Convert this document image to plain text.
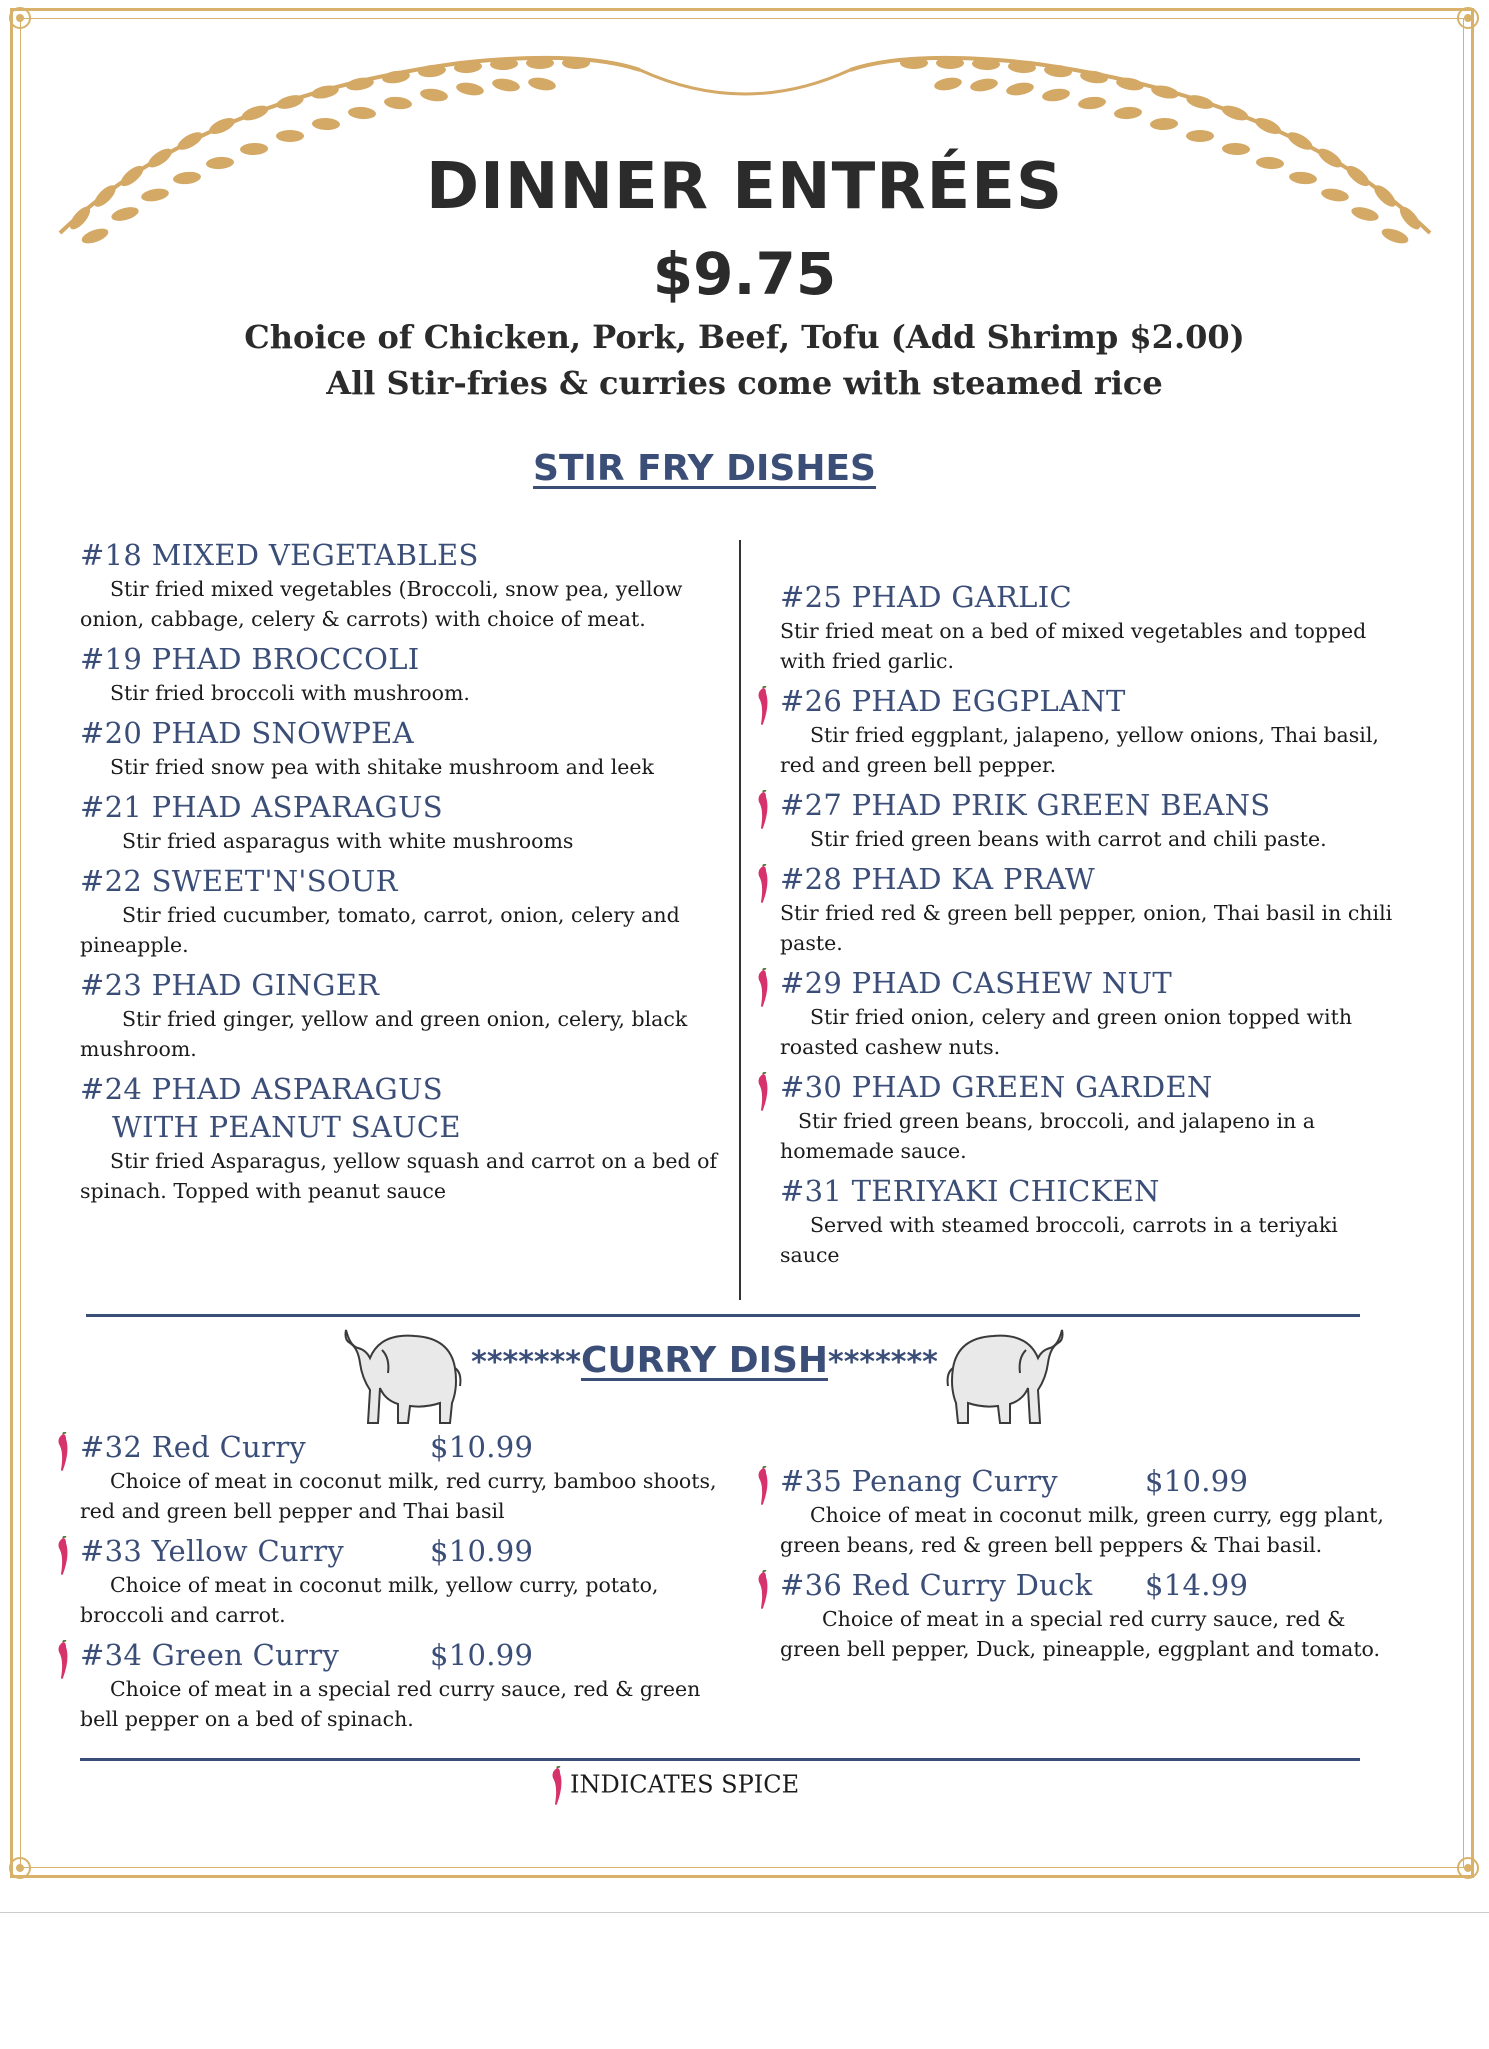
DINNER ENTRÉES
$9.75
Choice of Chicken, Pork, Beef, Tofu (Add Shrimp $2.00)
All Stir-fries & curries come with steamed rice
STIR FRY DISHES
#18 MIXED VEGETABLES
Stir fried mixed vegetables (Broccoli, snow pea, yellow onion, cabbage, celery & carrots) with choice of meat.
#19 PHAD BROCCOLI
Stir fried broccoli with mushroom.
#20 PHAD SNOWPEA
Stir fried snow pea with shitake mushroom and leek
#21 PHAD ASPARAGUS
Stir fried asparagus with white mushrooms
#22 SWEET'N'SOUR
Stir fried cucumber, tomato, carrot, onion, celery and pineapple.
#23 PHAD GINGER
Stir fried ginger, yellow and green onion, celery, black mushroom.
#24 PHAD ASPARAGUS
WITH PEANUT SAUCE
Stir fried Asparagus, yellow squash and carrot on a bed of spinach. Topped with peanut sauce
#25 PHAD GARLIC
Stir fried meat on a bed of mixed vegetables and topped with fried garlic.
#26 PHAD EGGPLANT
Stir fried eggplant, jalapeno, yellow onions, Thai basil, red and green bell pepper.
#27 PHAD PRIK GREEN BEANS
Stir fried green beans with carrot and chili paste.
#28 PHAD KA PRAW
Stir fried red & green bell pepper, onion, Thai basil in chili paste.
#29 PHAD CASHEW NUT
Stir fried onion, celery and green onion topped with roasted cashew nuts.
#30 PHAD GREEN GARDEN
Stir fried green beans, broccoli, and jalapeno in a homemade sauce.
#31 TERIYAKI CHICKEN
Served with steamed broccoli, carrots in a teriyaki sauce
*******CURRY DISH*******
#32 Red Curry	$10.99
Choice of meat in coconut milk, red curry, bamboo shoots, red and green bell pepper and Thai basil
#33 Yellow Curry	$10.99
Choice of meat in coconut milk, yellow curry, potato, broccoli and carrot.
#34 Green Curry	$10.99
Choice of meat in a special red curry sauce, red & green bell pepper on a bed of spinach.
#35 Penang Curry	$10.99
Choice of meat in coconut milk, green curry, egg plant, green beans, red & green bell peppers & Thai basil.
#36 Red Curry Duck $14.99
Choice of meat in a special red curry sauce, red & green bell pepper, Duck, pineapple, eggplant and tomato.
INDICATES SPICE
